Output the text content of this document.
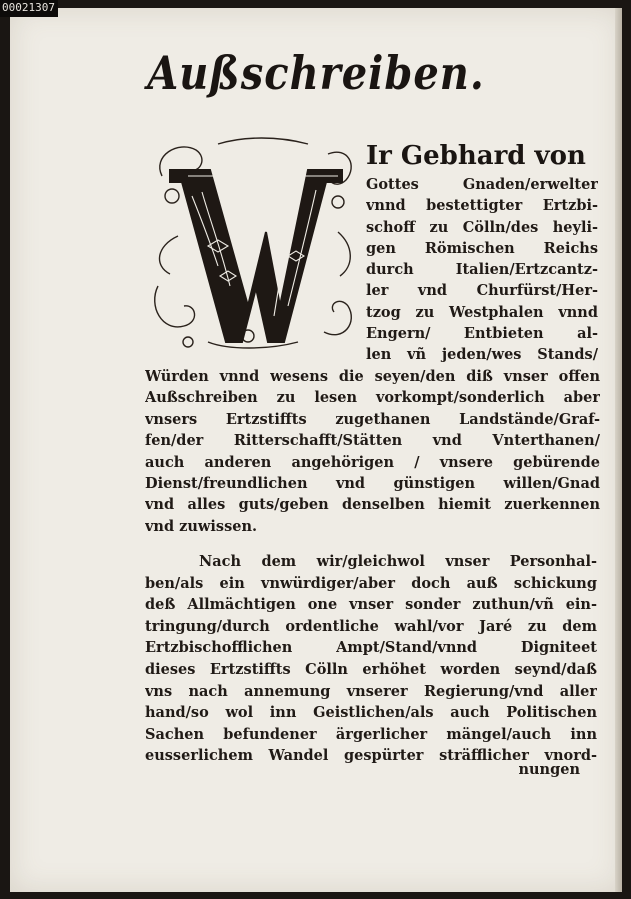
00021307
Außschreiben.
Ir Gebhard von
Gottes Gnaden/erwelter
vnnd bestettigter Ertzbi-
schoff zu Cölln/des heyli-
gen Römischen Reichs
durch Italien/Ertzcantz-
ler vnd Churfürst/Her-
tzog zu Westphalen vnnd
Engern/ Entbieten al-
len vñ jeden/wes Stands/
Würden vnnd wesens die seyen/den diß vnser offen
Außschreiben zu lesen vorkompt/sonderlich aber
vnsers Ertzstiffts zugethanen Landstände/Graf-
fen/der Ritterschafft/Stätten vnd Vnterthanen/
auch anderen angehörigen / vnsere gebürende
Dienst/freundlichen vnd günstigen willen/Gnad
vnd alles guts/geben denselben hiemit zuerkennen
vnd zuwissen.
Nach dem wir/gleichwol vnser Personhal-
ben/als ein vnwürdiger/aber doch auß schickung
deß Allmächtigen one vnser sonder zuthun/vñ ein-
tringung/durch ordentliche wahl/vor Jaré zu dem
Ertzbischofflichen Ampt/Stand/vnnd Digniteet
dieses Ertzstiffts Cölln erhöhet worden seynd/daß
vns nach annemung vnserer Regierung/vnd aller
hand/so wol inn Geistlichen/als auch Politischen
Sachen befundener ärgerlicher mängel/auch inn
eusserlichem Wandel gespürter sträfflicher vnord-
nungen
